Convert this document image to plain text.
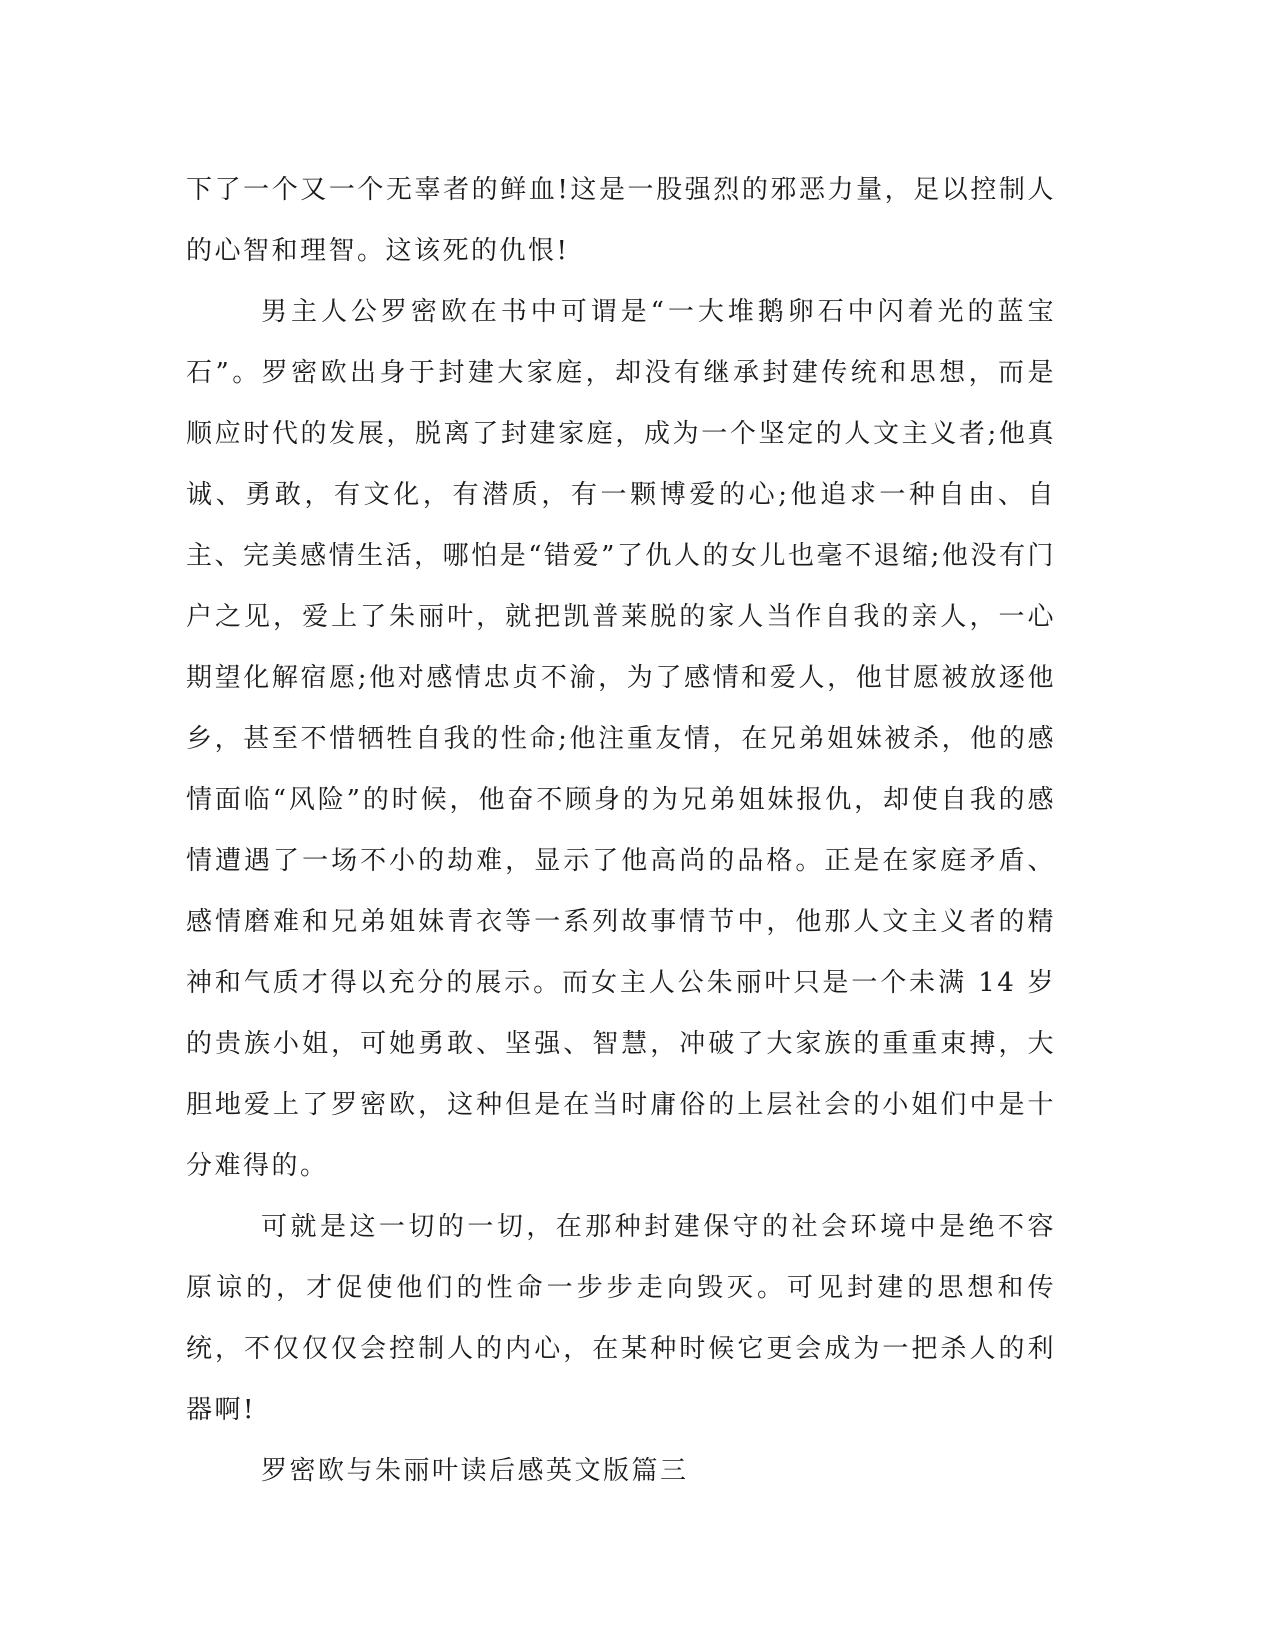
下了一个又一个无辜者的鲜血!这是一股强烈的邪恶力量，足以控制人的心智和理智。这该死的仇恨!

男主人公罗密欧在书中可谓是“一大堆鹅卵石中闪着光的蓝宝石”。罗密欧出身于封建大家庭，却没有继承封建传统和思想，而是顺应时代的发展，脱离了封建家庭，成为一个坚定的人文主义者;他真诚、勇敢，有文化，有潜质，有一颗博爱的心;他追求一种自由、自主、完美感情生活，哪怕是“错爱”了仇人的女儿也毫不退缩;他没有门户之见，爱上了朱丽叶，就把凯普莱脱的家人当作自我的亲人，一心期望化解宿愿;他对感情忠贞不渝，为了感情和爱人，他甘愿被放逐他乡，甚至不惜牺牲自我的性命;他注重友情，在兄弟姐妹被杀，他的感情面临“风险”的时候，他奋不顾身的为兄弟姐妹报仇，却使自我的感情遭遇了一场不小的劫难，显示了他高尚的品格。正是在家庭矛盾、感情磨难和兄弟姐妹青衣等一系列故事情节中，他那人文主义者的精神和气质才得以充分的展示。而女主人公朱丽叶只是一个未满 14 岁的贵族小姐，可她勇敢、坚强、智慧，冲破了大家族的重重束搏，大胆地爱上了罗密欧，这种但是在当时庸俗的上层社会的小姐们中是十分难得的。

可就是这一切的一切，在那种封建保守的社会环境中是绝不容原谅的，才促使他们的性命一步步走向毁灭。可见封建的思想和传统，不仅仅仅会控制人的内心，在某种时候它更会成为一把杀人的利器啊!

罗密欧与朱丽叶读后感英文版篇三
